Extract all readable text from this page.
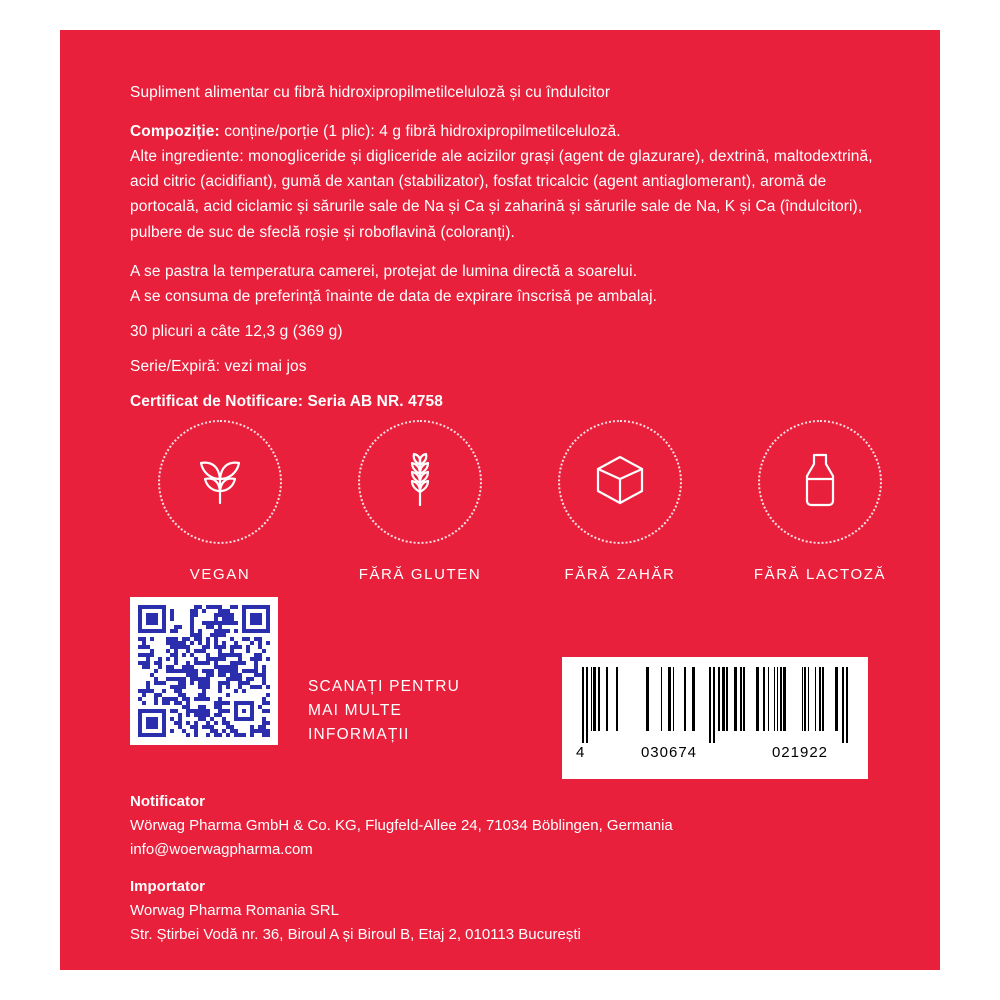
Supliment alimentar cu fibră hidroxipropilmetilceluloză și cu îndulcitor

Compoziție: conține/porție (1 plic): 4 g fibră hidroxipropilmetilceluloză.

Alte ingrediente: monogliceride și digliceride ale acizilor grași (agent de glazurare), dextrină, maltodextrină, acid citric (acidifiant), gumă de xantan (stabilizator), fosfat tricalcic (agent antiaglomerant), aromă de portocală, acid ciclamic și sărurile sale de Na și Ca și zaharină și sărurile sale de Na, K și Ca (îndulcitori), pulbere de suc de sfeclă roșie și roboflavină (coloranți).

A se pastra la temperatura camerei, protejat de lumina directă a soarelui.

A se consuma de preferință înainte de data de expirare înscrisă pe ambalaj.

30 plicuri a câte 12,3 g (369 g)

Serie/Expiră: vezi mai jos

Certificat de Notificare: Seria AB NR. 4758

VEGAN	FĂRĂ GLUTEN	FĂRĂ ZAHĂR	FĂRĂ LACTOZĂ
SCANAȚI PENTRU
MAI MULTE
INFORMAȚII
4	030674	021922
Notificator
Wörwag Pharma GmbH & Co. KG, Flugfeld-Allee 24, 71034 Böblingen, Germania
info@woerwagpharma.com
Importator
Worwag Pharma Romania SRL
Str. Știrbei Vodă nr. 36, Biroul A și Biroul B, Etaj 2, 010113 București
